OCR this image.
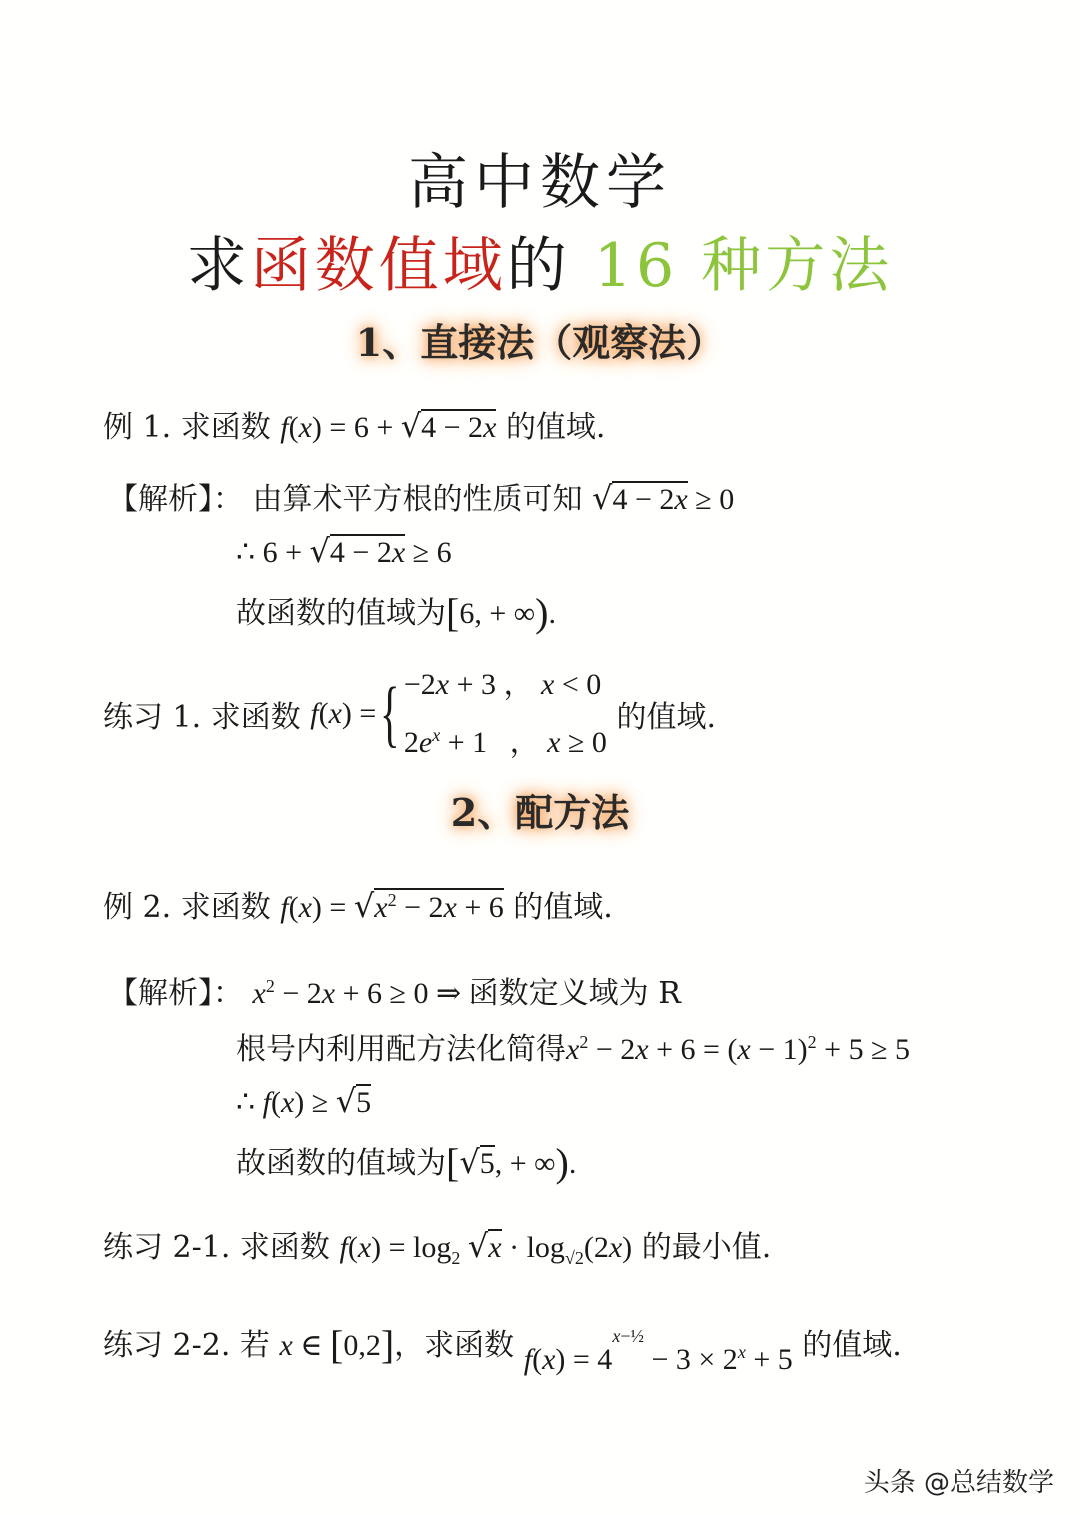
高中数学
求函数值域的 16 种方法
1、直接法（观察法）
例 1. 求函数 f(x) = 6 + √4 − 2x 的值域.
【解析】： 由算术平方根的性质可知 √4 − 2x ≥ 0
∴ 6 + √4 − 2x ≥ 6
故函数的值域为[6, + ∞).
练习 1. 求函数 f(x) ={ −2x + 3 ， x < 0
$2e^x + 1$   ， x ≥ 0 的值域.
2、配方法
例 2. 求函数 $f(x) = √x^2 - 2x + 6$ 的值域.
【解析】： $x^2 - 2x + 6 \ge 0$ ⇒ 函数定义域为 R
根号内利用配方法化简得$x^2 - 2x + 6 = (x - 1)^2 + 5 \ge 5$
∴ f(x) ≥ √5
故函数的值域为[√5, + ∞).
练习 2-1. 求函数 $f(x) = \log_2 √x \cdot \log_{√2}(2x)$ 的最小值.
练习 2-2. 若 x ∈ [0,2]，求函数 $f(x) = 4^{x-\frac{1}{2}} - 3 \times 2^x + 5$ 的值域.
头条 @总结数学
